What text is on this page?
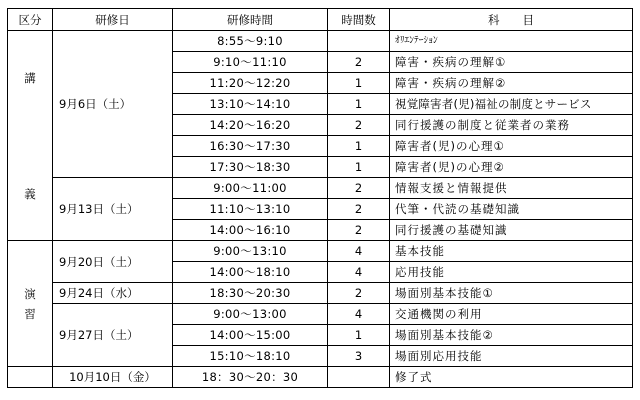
区分	研修日	研修時間	時間数	科　　目

講
義	9月6日（土）	8:55～9:10		ｵﾘｴﾝﾃｰｼｮﾝ
		9:10～11:10	2	障害・疾病の理解①
		11:20～12:20	1	障害・疾病の理解②
		13:10～14:10	1	視覚障害者(児)福祉の制度とサービス
		14:20～16:20	2	同行援護の制度と従業者の業務
		16:30～17:30	1	障害者(児)の心理①
		17:30～18:30	1	障害者(児)の心理②
	9月13日（土）	9:00～11:00	2	情報支援と情報提供
		11:10～13:10	2	代筆・代読の基礎知識
		14:00～16:10	2	同行援護の基礎知識

演
習	9月20日（土）	9:00～13:10	4	基本技能
		14:00～18:10	4	応用技能
	9月24日（水）	18:30～20:30	2	場面別基本技能①
	9月27日（土）	9:00～13:00	4	交通機関の利用
		14:00～15:00	1	場面別基本技能②
		15:10～18:10	3	場面別応用技能
	10月10日（金）	18：30～20：30		修了式
